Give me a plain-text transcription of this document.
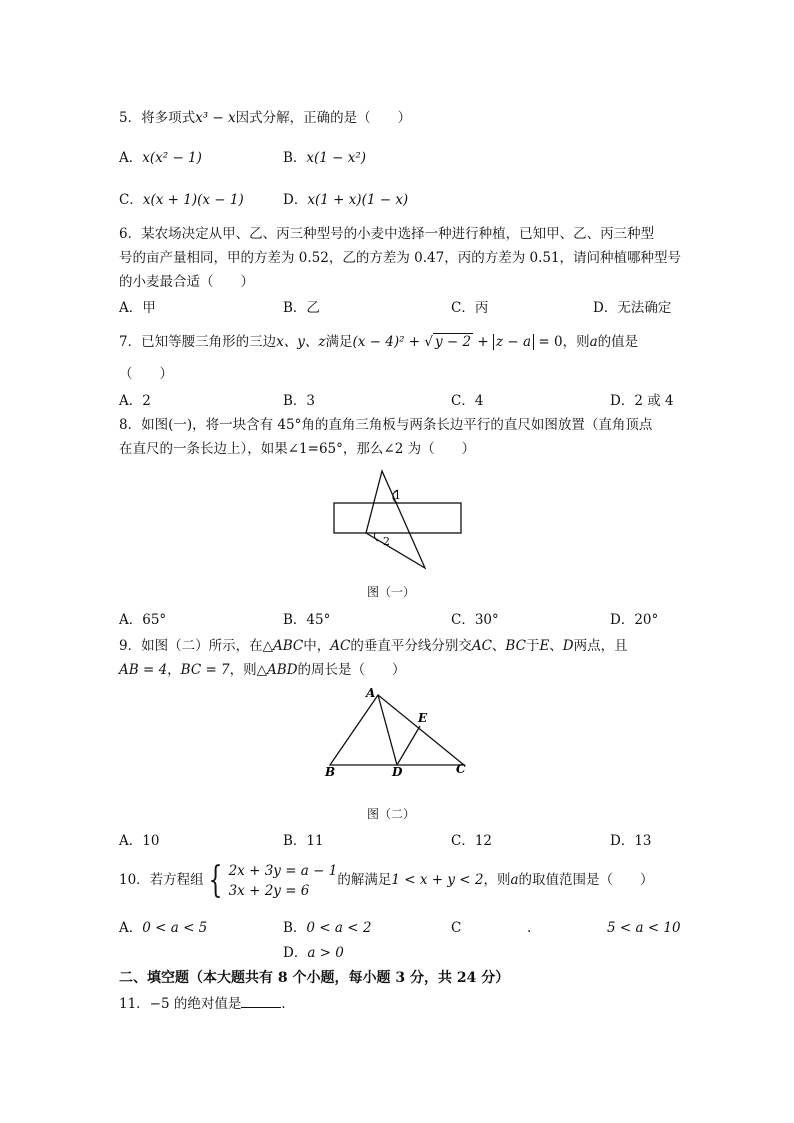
5．将多项式x³ − x因式分解，正确的是（　　）
A．x(x² − 1)	B．x(1 − x²)
C．x(x + 1)(x − 1)	D．x(1 + x)(1 − x)
6．某农场决定从甲、乙、丙三种型号的小麦中选择一种进行种植，已知甲、乙、丙三种型
号的亩产量相同，甲的方差为 0.52，乙的方差为 0.47，丙的方差为 0.51，请问种植哪种型号
的小麦最合适（　　）
A．甲	B．乙	C．丙	D．无法确定
7．已知等腰三角形的三边x、y、z满足(x − 4)² + √ y − 2 + z − a = 0，则a的值是
（　　）
A．2	B．3	C．4	D．2 或 4
8．如图(一)，将一块含有 45°角的直角三角板与两条长边平行的直尺如图放置（直角顶点
在直尺的一条长边上），如果∠1=65°，那么∠2 为（　　）
1
2
图（一）
A．65°	B．45°	C．30°	D．20°
9．如图（二）所示，在△ABC中，AC的垂直平分线分别交AC、BC于E、D两点，且
AB = 4，BC = 7，则△ABD的周长是（　　）
A
B	C
D
E
图（二）
A．10	B．11	C．12	D．13
10．若方程组 { 2x + 3y = a − 1
3x + 2y = 6的解满足1 < x + y < 2，则a的取值范围是（　　）
A．0 < a < 5	B．0 < a < 2	C	.	5 < a < 10
D．a > 0
二、填空题（本大题共有 8 个小题，每小题 3 分，共 24 分）
11．−5 的绝对值是	．
